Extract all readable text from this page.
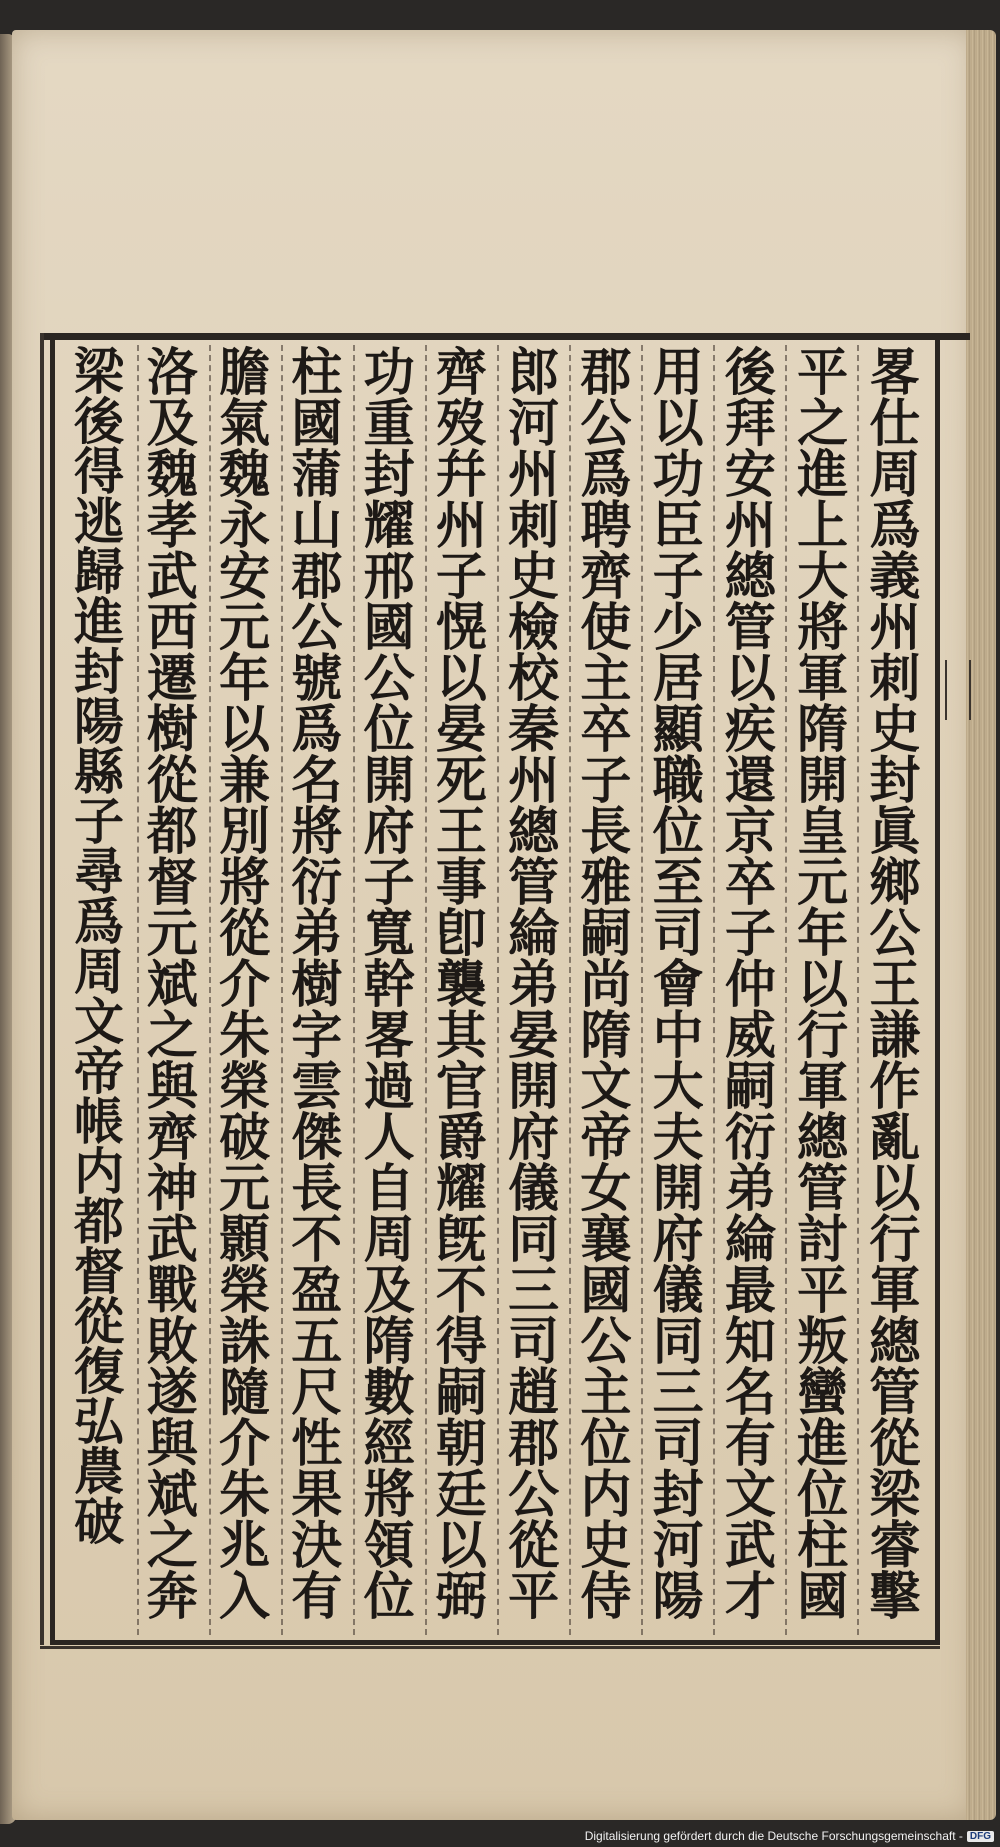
畧仕周爲義州刺史封眞鄉公王謙作亂以行軍總管從梁睿擊
平之進上大將軍隋開皇元年以行軍總管討平叛蠻進位柱國
後拜安州總管以疾還京卒子仲威嗣衍弟綸最知名有文武才
用以功臣子少居顯職位至司會中大夫開府儀同三司封河陽
郡公爲聘齊使主卒子長雅嗣尚隋文帝女襄國公主位内史侍
郎河州刺史檢校秦州總管綸弟晏開府儀同三司趙郡公從平
齊歿幷州子愰以晏死王事卽襲其官爵耀旣不得嗣朝廷以弼
功重封耀邢國公位開府子寬幹畧過人自周及隋數經將領位
柱國蒲山郡公號爲名將衍弟樹字雲傑長不盈五尺性果決有
膽氣魏永安元年以兼別將從介朱榮破元顥榮誅隨介朱兆入
洛及魏孝武西遷樹從都督元斌之與齊神武戰敗遂與斌之奔
梁後得逃歸進封陽縣子尋爲周文帝帳内都督從復弘農破
Digitalisierung gefördert durch die Deutsche Forschungsgemeinschaft - DFG
